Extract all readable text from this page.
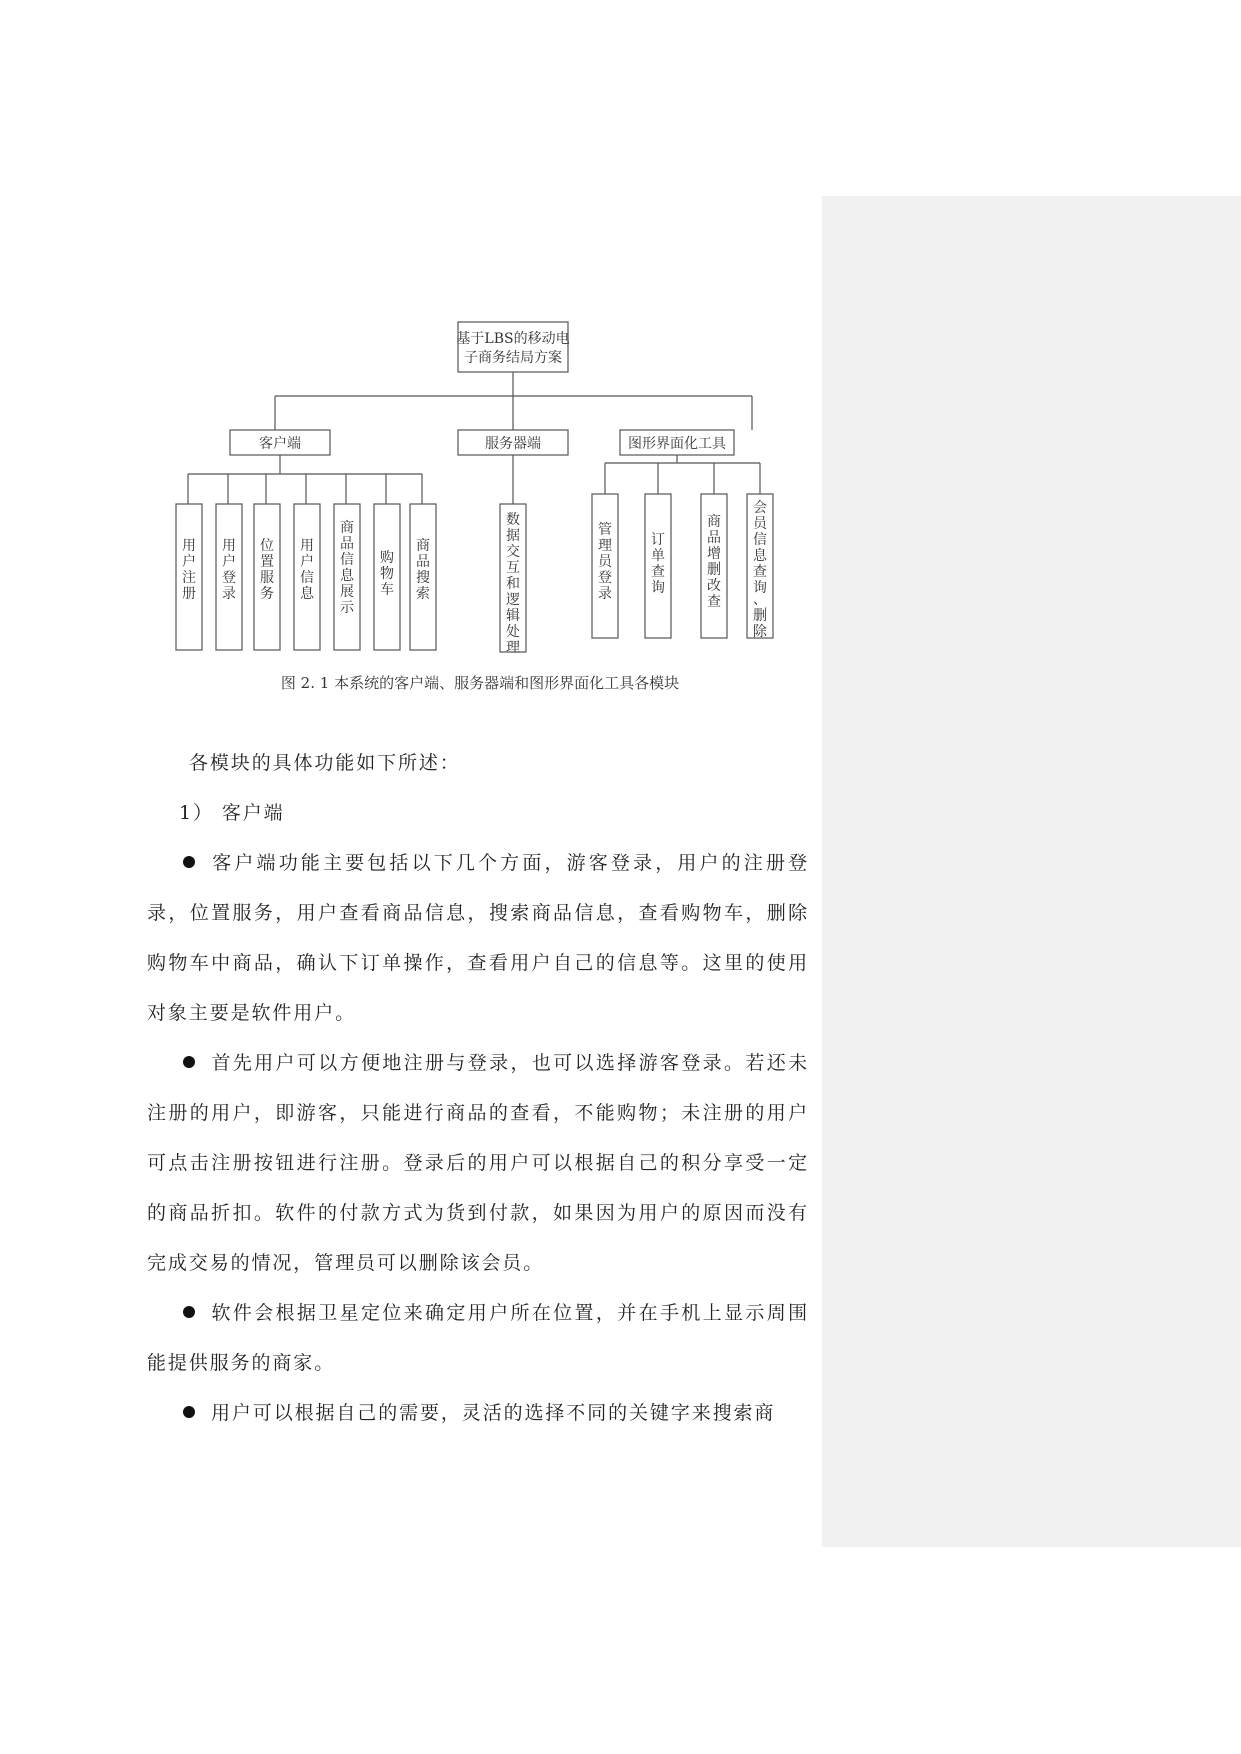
基于LBS的移动电
子商务结局方案
客户端	服务器端	图形界面化工具
用户注册
用户登录
位置服务
用户信息
商品信息展示
购物车
商品搜索
数据交互和逻辑处理
管理员登录
订单查询
商品增删改查
会员信息查询、删除
图 2. 1 本系统的客户端、服务器端和图形界面化工具各模块
各模块的具体功能如下所述：
1） 客户端
客户端功能主要包括以下几个方面，游客登录，用户的注册登录，位置服务，用户查看商品信息，搜索商品信息，查看购物车，删除购物车中商品，确认下订单操作，查看用户自己的信息等。这里的使用对象主要是软件用户。
首先用户可以方便地注册与登录，也可以选择游客登录。若还未注册的用户，即游客，只能进行商品的查看，不能购物；未注册的用户可点击注册按钮进行注册。登录后的用户可以根据自己的积分享受一定的商品折扣。软件的付款方式为货到付款，如果因为用户的原因而没有完成交易的情况，管理员可以删除该会员。
软件会根据卫星定位来确定用户所在位置，并在手机上显示周围能提供服务的商家。
用户可以根据自己的需要，灵活的选择不同的关键字来搜索商
